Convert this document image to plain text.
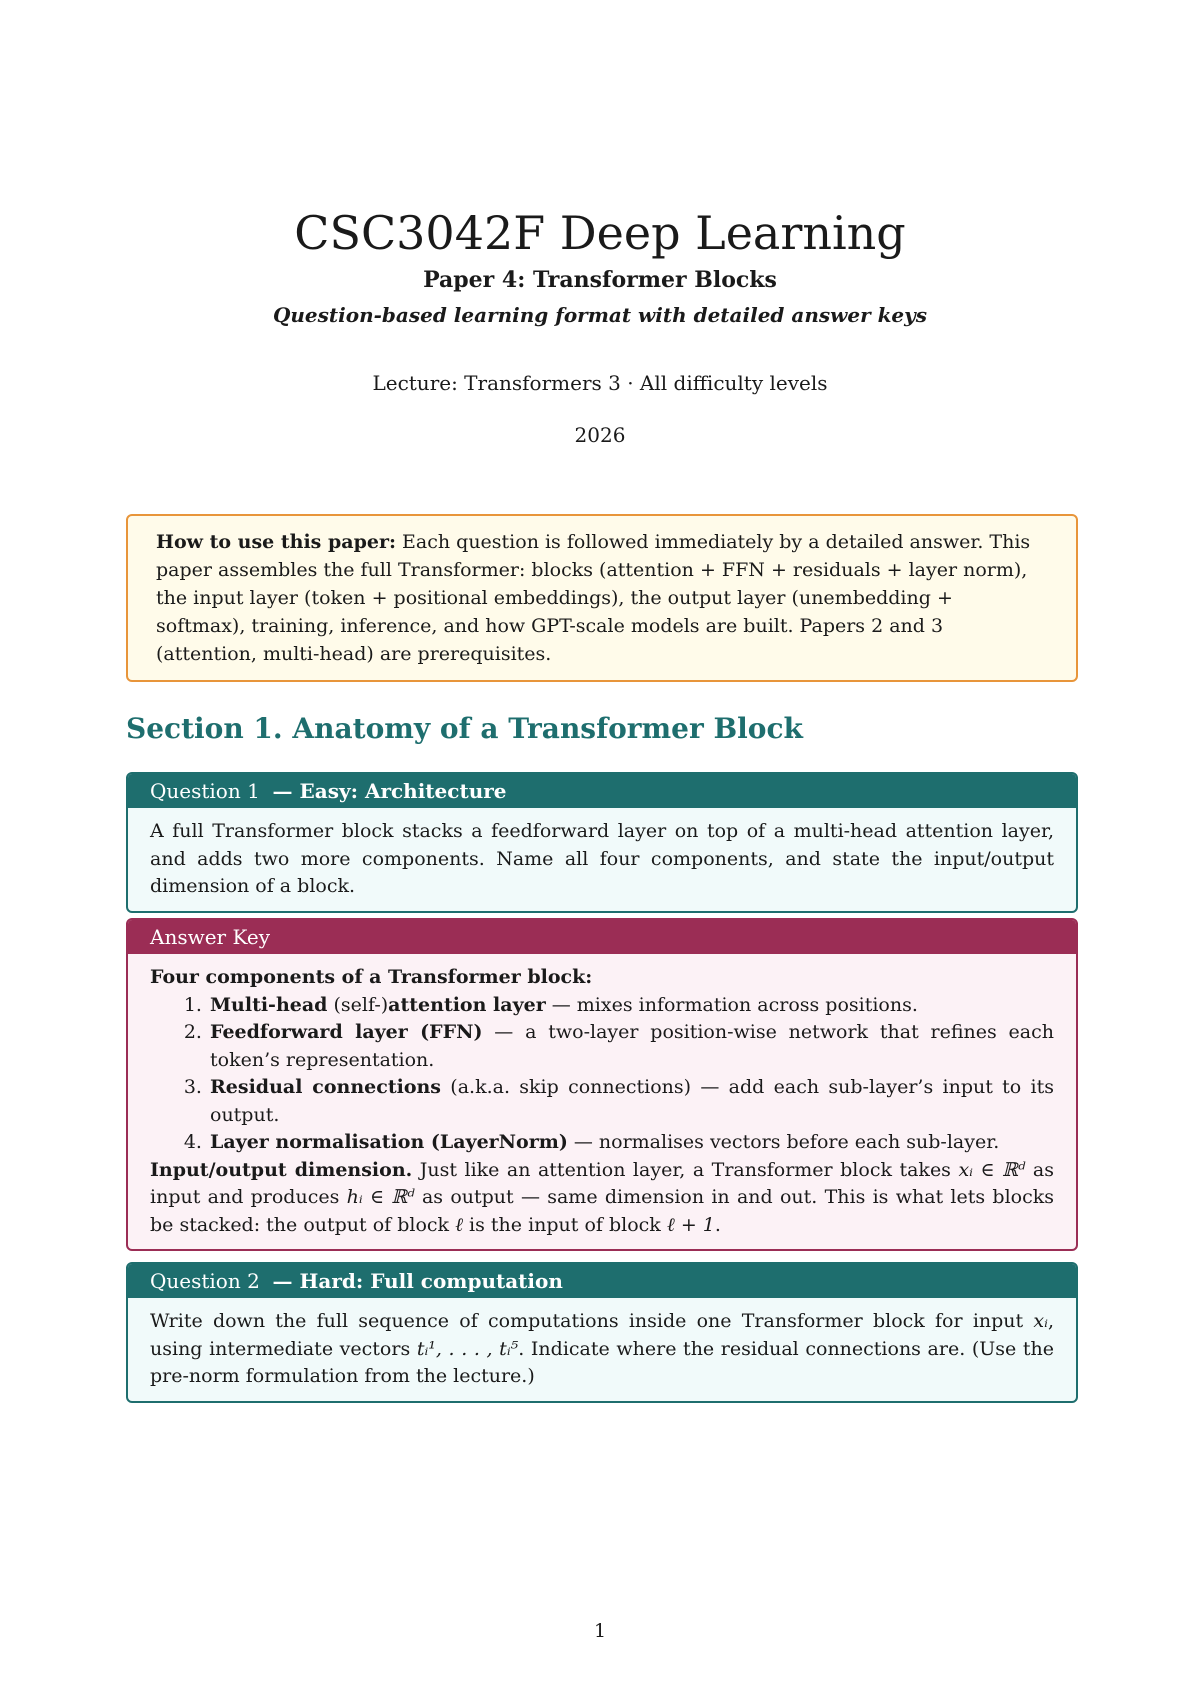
CSC3042F Deep Learning
Paper 4: Transformer Blocks
Question-based learning format with detailed answer keys
Lecture: Transformers 3 · All difficulty levels
2026
How to use this paper: Each question is followed immediately by a detailed answer. This paper assembles the full Transformer: blocks (attention + FFN + residuals + layer norm), the input layer (token + positional embeddings), the output layer (unembedding + softmax), training, inference, and how GPT-scale models are built. Papers 2 and 3 (attention, multi-head) are prerequisites.
Section 1. Anatomy of a Transformer Block
Question 1 — Easy: Architecture
A full Transformer block stacks a feedforward layer on top of a multi-head attention layer, and adds two more components. Name all four components, and state the input/output dimension of a block.
Answer Key
Four components of a Transformer block:
1. Multi-head (self-)attention layer — mixes information across positions.
2. Feedforward layer (FFN) — a two-layer position-wise network that refines each token’s representation.
3. Residual connections (a.k.a. skip connections) — add each sub-layer’s input to its output.
4. Layer normalisation (LayerNorm) — normalises vectors before each sub-layer.
Input/output dimension. Just like an attention layer, a Transformer block takes xᵢ ∈ ℝᵈ as input and produces hᵢ ∈ ℝᵈ as output — same dimension in and out. This is what lets blocks be stacked: the output of block ℓ is the input of block ℓ + 1.
Question 2 — Hard: Full computation
Write down the full sequence of computations inside one Transformer block for input xᵢ, using intermediate vectors tᵢ¹, . . . , tᵢ⁵. Indicate where the residual connections are. (Use the pre-norm formulation from the lecture.)
1
